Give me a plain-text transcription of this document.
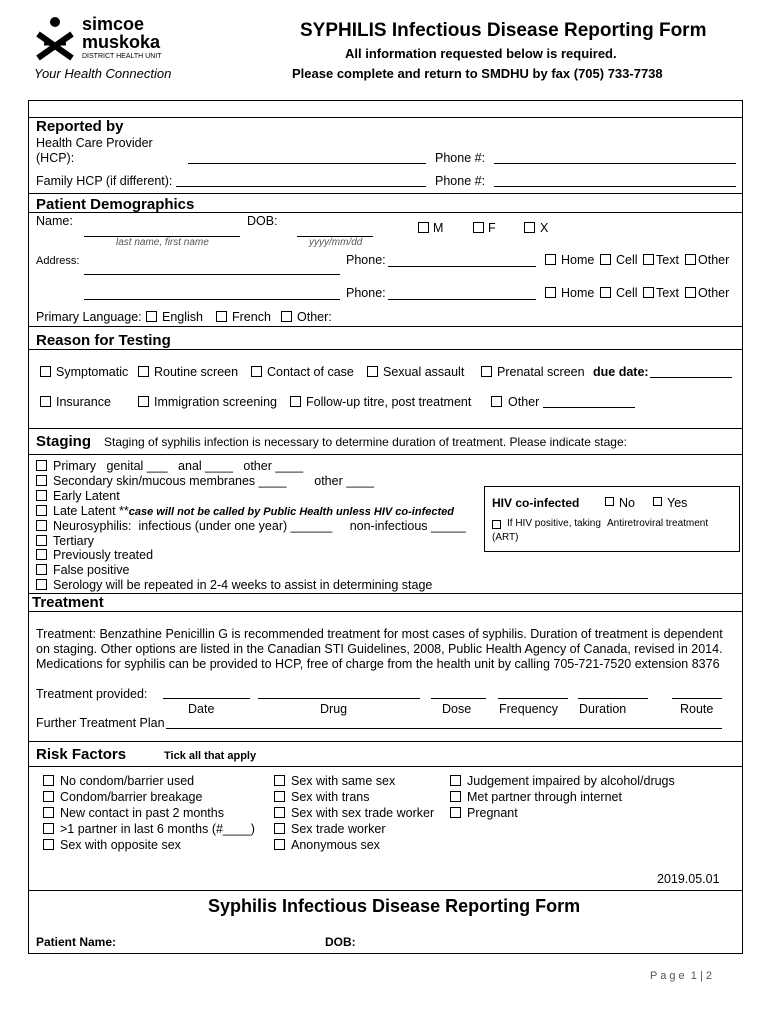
simcoe
muskoka
DISTRICT HEALTH UNIT
Your Health Connection
SYPHILIS Infectious Disease Reporting Form
All information requested below is required.
Please complete and return to SMDHU by fax (705) 733-7738
Reported by
Health Care Provider
(HCP):	Phone #:
Family HCP (if different):	Phone #:
Patient Demographics
Name:
last name, first name
DOB:
yyyy/mm/dd
M	F	X
Address:	Phone:	Home Cell Text Other
Phone:	Home Cell Text Other
Primary Language: English French Other:
Reason for Testing
Symptomatic Routine screen Contact of case Sexual assault	Prenatal screen due date:
Insurance	Immigration screening Follow-up titre, post treatment	Other
Staging Staging of syphilis infection is necessary to determine duration of treatment. Please indicate stage:
Primary   genital ___   anal ____   other ____
Secondary skin/mucous membranes ____        other ____
Early Latent
Late Latent **case will not be called by Public Health unless HIV co-infected
Neurosyphilis:  infectious (under one year) ______     non-infectious _____
Tertiary
Previously treated
False positive
Serology will be repeated in 2-4 weeks to assist in determining stage
HIV co-infected	No	Yes
If HIV positive, taking Antiretroviral treatment
(ART)
Treatment
Treatment: Benzathine Penicillin G is recommended treatment for most cases of syphilis. Duration of treatment is dependent
on staging. Other options are listed in the Canadian STI Guidelines, 2008, Public Health Agency of Canada, revised in 2014.
Medications for syphilis can be provided to HCP, free of charge from the health unit by calling 705-721-7520 extension 8376
Treatment provided:
Date	Drug	Dose Frequency Duration	Route
Further Treatment Plan
Risk Factors	Tick all that apply
No condom/barrier used
Condom/barrier breakage
New contact in past 2 months
>1 partner in last 6 months (#____)
Sex with opposite sex
Sex with same sex
Sex with trans
Sex with sex trade worker
Sex trade worker
Anonymous sex
Judgement impaired by alcohol/drugs
Met partner through internet
Pregnant
2019.05.01
Syphilis Infectious Disease Reporting Form
Patient Name:	DOB:
P a g e  1 | 2
